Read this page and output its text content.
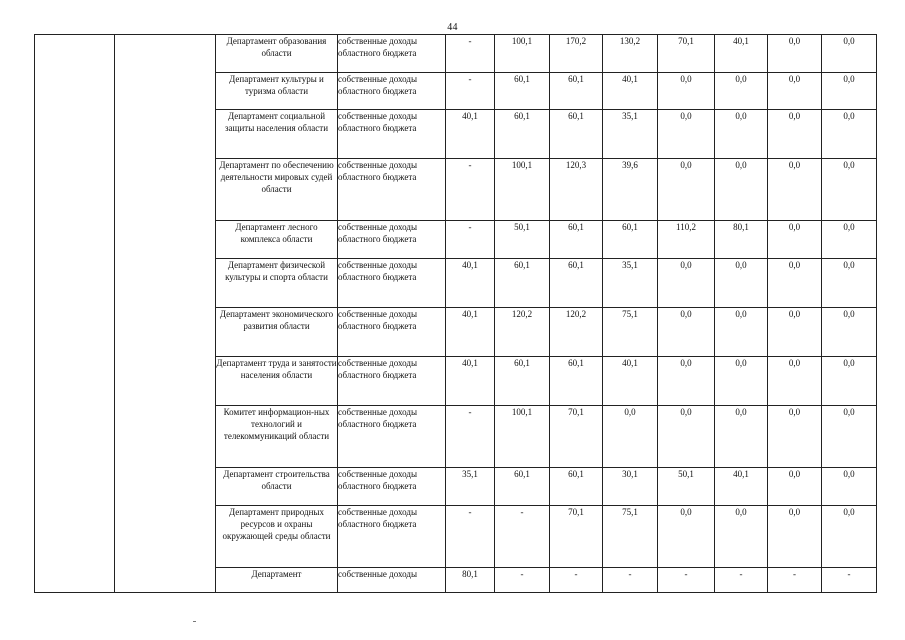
44
		Департамент образования области	собственные доходы областного бюджета	-	100,1	170,2	130,2	70,1	40,1	0,0	0,0
		Департамент культуры и туризма области	собственные доходы областного бюджета	-	60,1	60,1	40,1	0,0	0,0	0,0	0,0
		Департамент социальной защиты населения области	собственные доходы областного бюджета	40,1	60,1	60,1	35,1	0,0	0,0	0,0	0,0
		Департамент по обеспечению деятельности мировых судей области	собственные доходы областного бюджета	-	100,1	120,3	39,6	0,0	0,0	0,0	0,0
		Департамент лесного комплекса области	собственные доходы областного бюджета	-	50,1	60,1	60,1	110,2	80,1	0,0	0,0
		Департамент физической культуры и спорта области	собственные доходы областного бюджета	40,1	60,1	60,1	35,1	0,0	0,0	0,0	0,0
		Департамент экономического развития области	собственные доходы областного бюджета	40,1	120,2	120,2	75,1	0,0	0,0	0,0	0,0
		Департамент труда и занятости населения области	собственные доходы областного бюджета	40,1	60,1	60,1	40,1	0,0	0,0	0,0	0,0
		Комитет информацион-ных технологий и телекоммуникаций области	собственные доходы областного бюджета	-	100,1	70,1	0,0	0,0	0,0	0,0	0,0
		Департамент строительства области	собственные доходы областного бюджета	35,1	60,1	60,1	30,1	50,1	40,1	0,0	0,0
		Департамент природных ресурсов и охраны окружающей среды области	собственные доходы областного бюджета	-	-	70,1	75,1	0,0	0,0	0,0	0,0
		Департамент	собственные доходы	80,1	-	-	-	-	-	-	-
